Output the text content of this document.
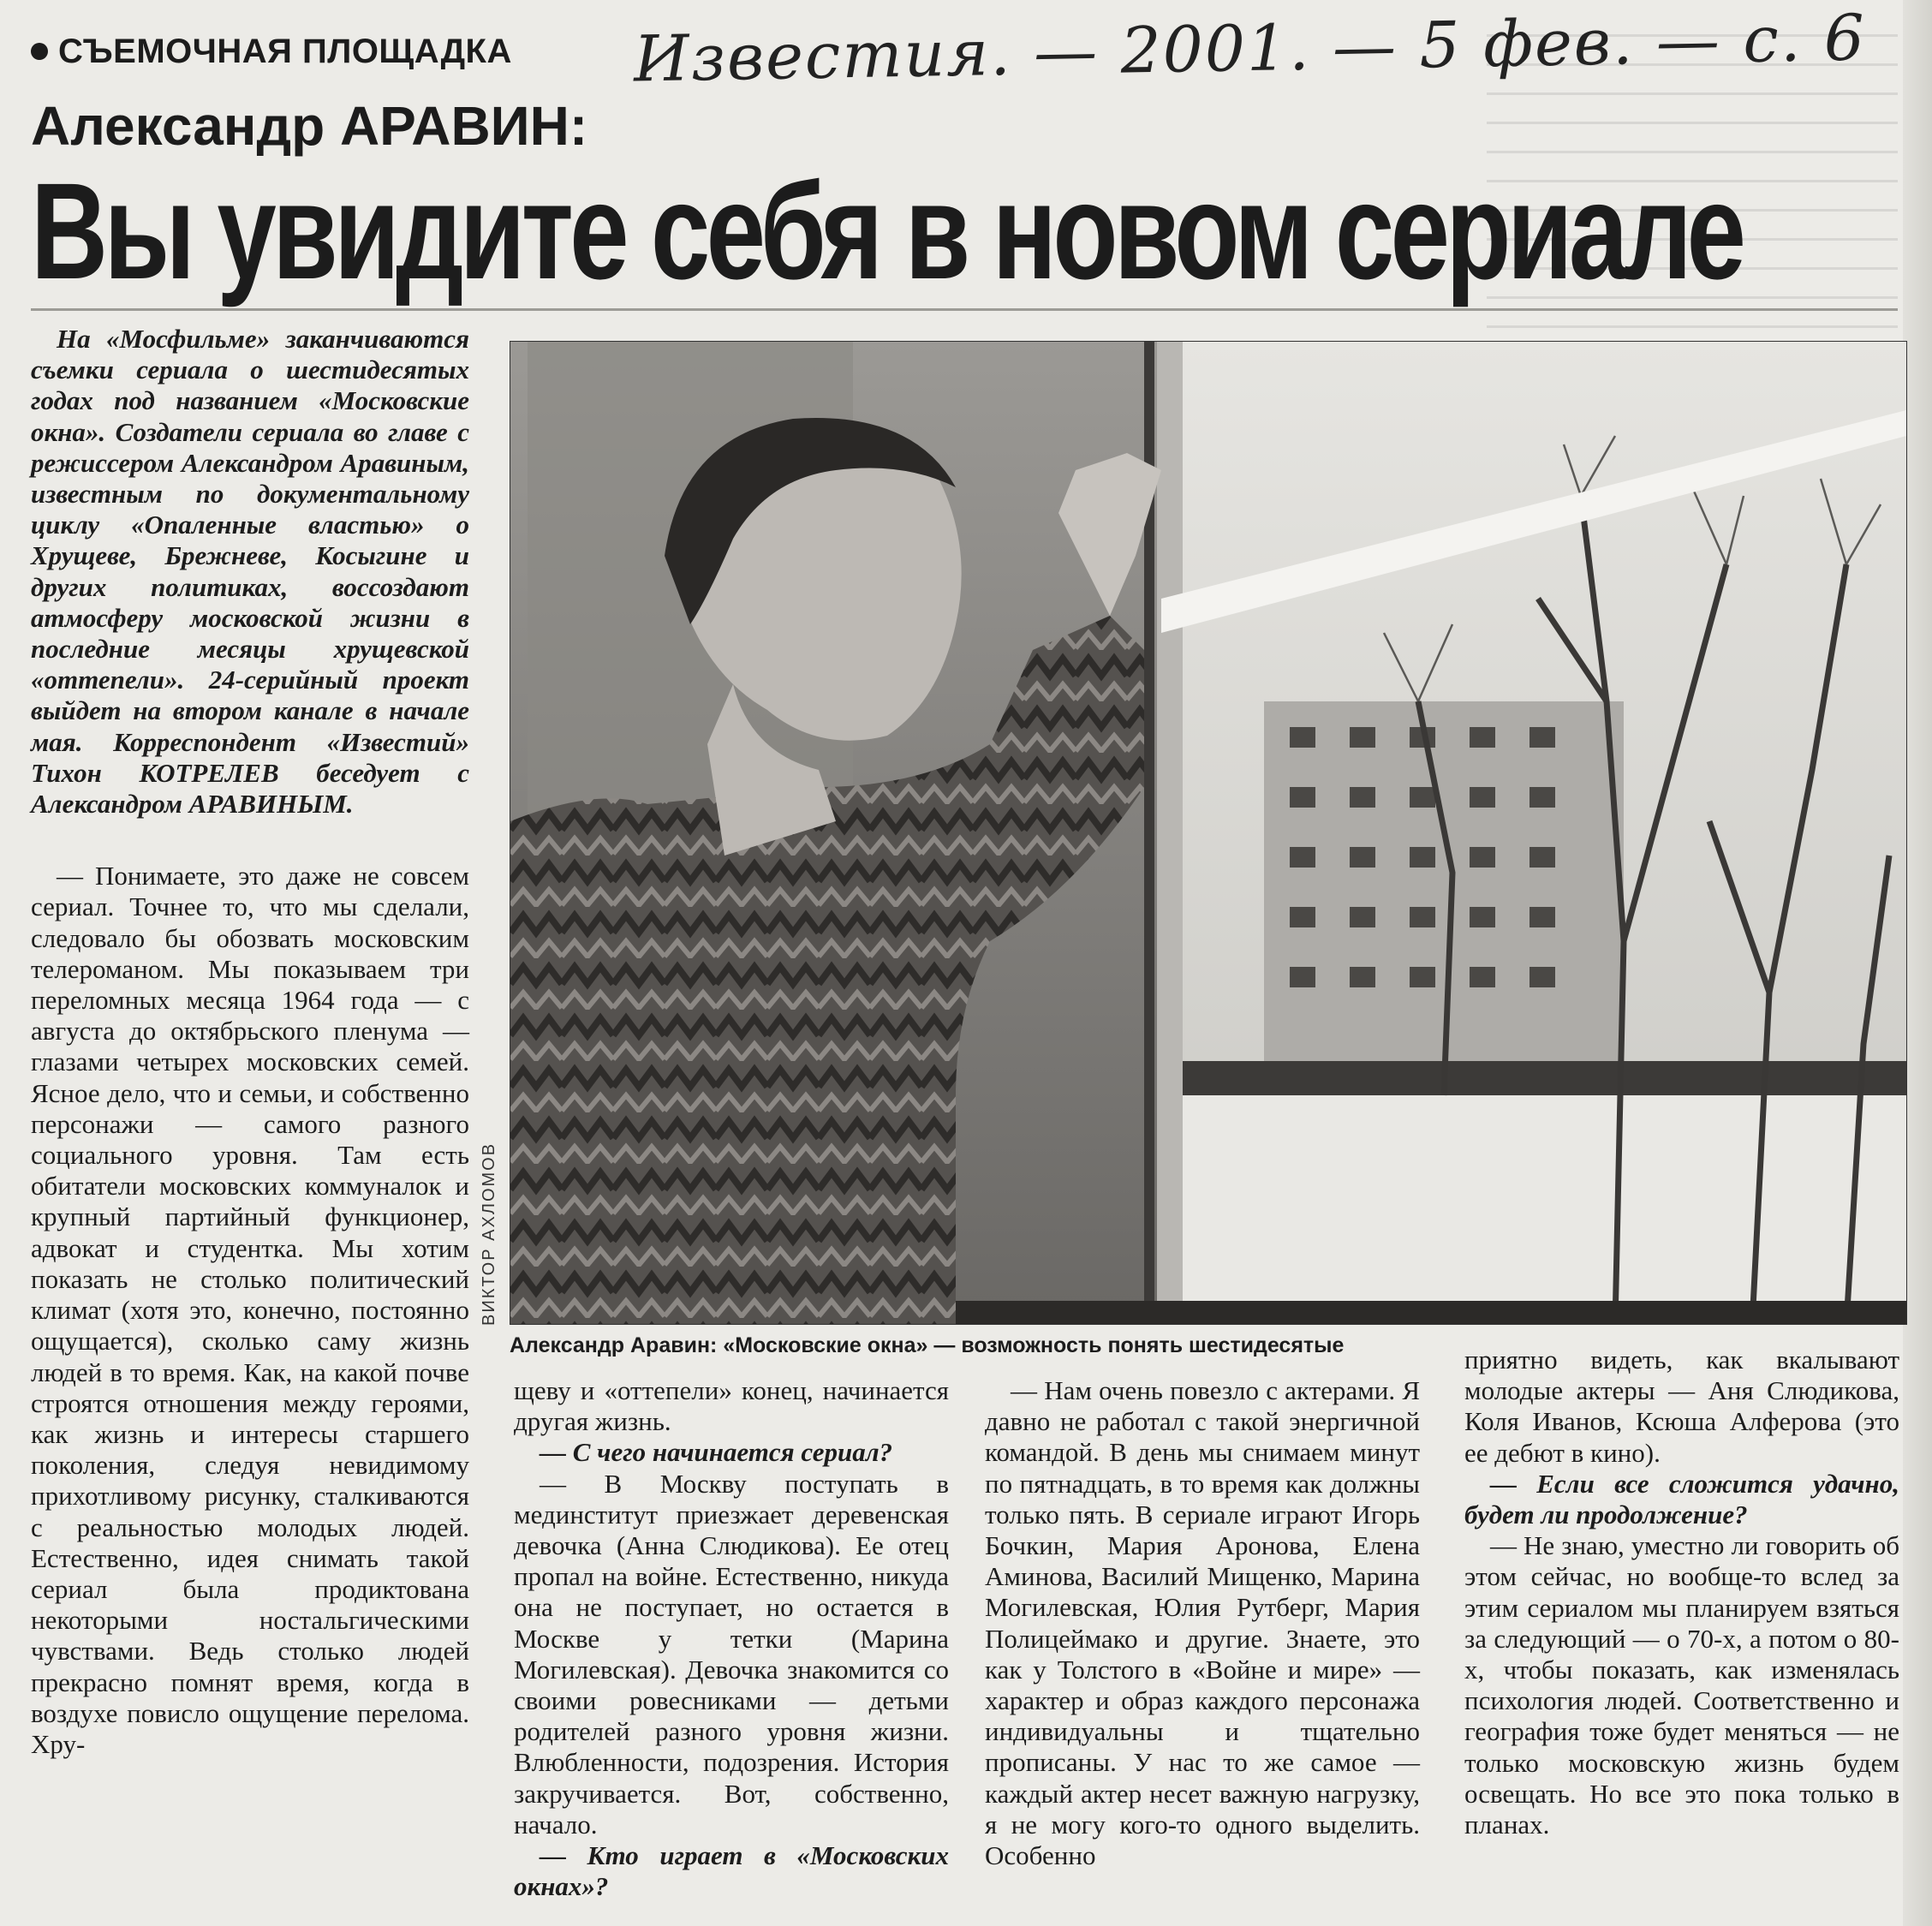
СЪЕМОЧНАЯ ПЛОЩАДКА Известия. — 2001. — 5 фев. — с. 6
Александр АРАВИН:
Вы увидите себя в новом сериале

На «Мосфильме» заканчиваются съемки сериала о шестидесятых годах под названием «Московские окна». Создатели сериала во главе с режиссером Александром Аравиным, известным по документальному циклу «Опаленные властью» о Хрущеве, Брежневе, Косыгине и других политиках, воссоздают атмосферу московской жизни в последние месяцы хрущевской «оттепели». 24-серийный проект выйдет на втором канале в начале мая. Корреспондент «Известий» Тихон КОТРЕЛЕВ беседует с Александром АРАВИНЫМ.

— Понимаете, это даже не совсем сериал. Точнее то, что мы сделали, следовало бы обозвать московским телероманом. Мы показываем три переломных месяца 1964 года — с августа до октябрьского пленума — глазами четырех московских семей. Ясное дело, что и семьи, и собственно персонажи — самого разного социального уровня. Там есть обитатели московских коммуналок и крупный партийный функционер, адвокат и студентка. Мы хотим показать не столько политический климат (хотя это, конечно, постоянно ощущается), сколько саму жизнь людей в то время. Как, на какой почве строятся отношения между героями, как жизнь и интересы старшего поколения, следуя невидимому прихотливому рисунку, сталкиваются с реальностью молодых людей. Естественно, идея снимать такой сериал была продиктована некоторыми ностальгическими чувствами. Ведь столько людей прекрасно помнят время, когда в воздухе повисло ощущение перелома. Хру-

ВИКТОР АХЛОМОВ
Александр Аравин: «Московские окна» — возможность понять шестидесятые

щеву и «оттепели» конец, начинается другая жизнь.

— С чего начинается сериал?

— В Москву поступать в мединститут приезжает деревенская девочка (Анна Слюдикова). Ее отец пропал на войне. Естественно, никуда она не поступает, но остается в Москве у тетки (Марина Могилевская). Девочка знакомится со своими ровесниками — детьми родителей разного уровня жизни. Влюбленности, подозрения. История закручивается. Вот, собственно, начало.

— Кто играет в «Московских окнах»?

— Нам очень повезло с актерами. Я давно не работал с такой энергичной командой. В день мы снимаем минут по пятнадцать, в то время как должны только пять. В сериале играют Игорь Бочкин, Мария Аронова, Елена Аминова, Василий Мищенко, Марина Могилевская, Юлия Рутберг, Мария Полицеймако и другие. Знаете, это как у Толстого в «Войне и мире» — характер и образ каждого персонажа индивидуальны и тщательно прописаны. У нас то же самое — каждый актер несет важную нагрузку, я не могу кого-то одного выделить. Особенно

приятно видеть, как вкалывают молодые актеры — Аня Слюдикова, Коля Иванов, Ксюша Алферова (это ее дебют в кино).

— Если все сложится удачно, будет ли продолжение?

— Не знаю, уместно ли говорить об этом сейчас, но вообще-то вслед за этим сериалом мы планируем взяться за следующий — о 70-х, а потом о 80-х, чтобы показать, как изменялась психология людей. Соответственно и география тоже будет меняться — не только московскую жизнь будем освещать. Но все это пока только в планах.
